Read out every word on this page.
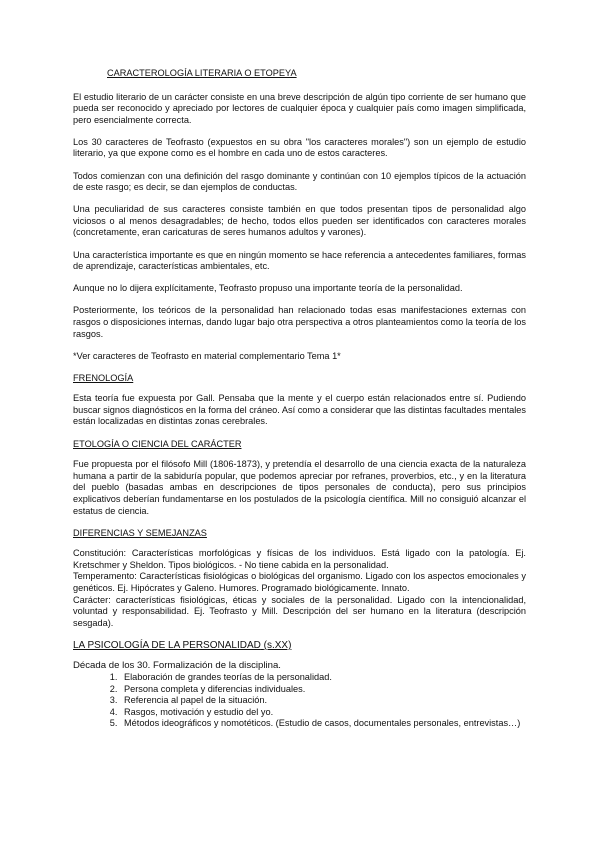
CARACTEROLOGÍA LITERARIA O ETOPEYA

El estudio literario de un carácter consiste en una breve descripción de algún tipo corriente de ser humano que pueda ser reconocido y apreciado por lectores de cualquier época y cualquier país como imagen simplificada, pero esencialmente correcta.

Los 30 caracteres de Teofrasto (expuestos en su obra "los caracteres morales") son un ejemplo de estudio literario, ya que expone como es el hombre en cada uno de estos caracteres.

Todos comienzan con una definición del rasgo dominante y continúan con 10 ejemplos típicos de la actuación de este rasgo; es decir, se dan ejemplos de conductas.

Una peculiaridad de sus caracteres consiste también en que todos presentan tipos de personalidad algo viciosos o al menos desagradables; de hecho, todos ellos pueden ser identificados con caracteres morales (concretamente, eran caricaturas de seres humanos adultos y varones).

Una característica importante es que en ningún momento se hace referencia a antecedentes familiares, formas de aprendizaje, características ambientales, etc.

Aunque no lo dijera explícitamente, Teofrasto propuso una importante teoría de la personalidad.

Posteriormente, los teóricos de la personalidad han relacionado todas esas manifestaciones externas con rasgos o disposiciones internas, dando lugar bajo otra perspectiva a otros planteamientos como la teoría de los rasgos.

*Ver caracteres de Teofrasto en material complementario Tema 1*

FRENOLOGÍA

Esta teoría fue expuesta por Gall. Pensaba que la mente y el cuerpo están relacionados entre sí. Pudiendo buscar signos diagnósticos en la forma del cráneo. Así como a considerar que las distintas facultades mentales están localizadas en distintas zonas cerebrales.

ETOLOGÍA O CIENCIA DEL CARÁCTER

Fue propuesta por el filósofo Mill (1806-1873), y pretendía el desarrollo de una ciencia exacta de la naturaleza humana a partir de la sabiduría popular, que podemos apreciar por refranes, proverbios, etc., y en la literatura del pueblo (basadas ambas en descripciones de tipos personales de conducta), pero sus principios explicativos deberían fundamentarse en los postulados de la psicología científica. Mill no consiguió alcanzar el estatus de ciencia.

DIFERENCIAS Y SEMEJANZAS

Constitución: Características morfológicas y físicas de los individuos. Está ligado con la patología. Ej. Kretschmer y Sheldon. Tipos biológicos. - No tiene cabida en la personalidad.

Temperamento: Características fisiológicas o biológicas del organismo. Ligado con los aspectos emocionales y genéticos. Ej. Hipócrates y Galeno. Humores. Programado biológicamente. Innato.

Carácter: características fisiológicas, éticas y sociales de la personalidad. Ligado con la intencionalidad, voluntad y responsabilidad. Ej. Teofrasto y Mill. Descripción del ser humano en la literatura (descripción sesgada).

LA PSICOLOGÍA DE LA PERSONALIDAD (s.XX)

Década de los 30. Formalización de la disciplina.

1. Elaboración de grandes teorías de la personalidad.
2. Persona completa y diferencias individuales.
3. Referencia al papel de la situación.
4. Rasgos, motivación y estudio del yo.
5. Métodos ideográficos y nomotéticos. (Estudio de casos, documentales personales, entrevistas…)
